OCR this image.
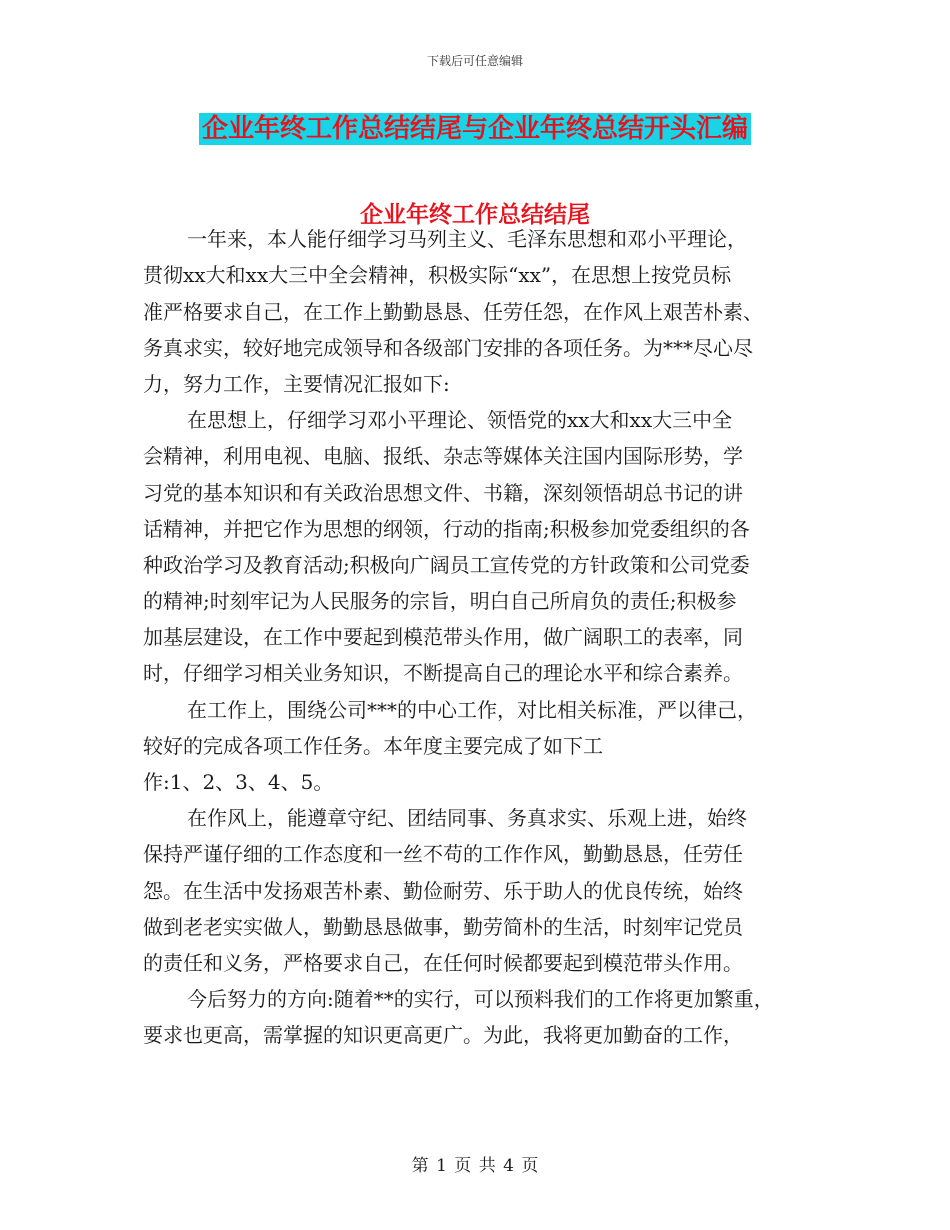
下载后可任意编辑
企业年终工作总结结尾与企业年终总结开头汇编
企业年终工作总结结尾
一年来，本人能仔细学习马列主义、毛泽东思想和邓小平理论，
贯彻xx大和xx大三中全会精神，积极实际“xx”，在思想上按党员标
准严格要求自己，在工作上勤勤恳恳、任劳任怨，在作风上艰苦朴素、
务真求实，较好地完成领导和各级部门安排的各项任务。为***尽心尽
力，努力工作，主要情况汇报如下:
在思想上，仔细学习邓小平理论、领悟党的xx大和xx大三中全
会精神，利用电视、电脑、报纸、杂志等媒体关注国内国际形势，学
习党的基本知识和有关政治思想文件、书籍，深刻领悟胡总书记的讲
话精神，并把它作为思想的纲领，行动的指南;积极参加党委组织的各
种政治学习及教育活动;积极向广阔员工宣传党的方针政策和公司党委
的精神;时刻牢记为人民服务的宗旨，明白自己所肩负的责任;积极参
加基层建设，在工作中要起到模范带头作用，做广阔职工的表率，同
时，仔细学习相关业务知识，不断提高自己的理论水平和综合素养。
在工作上，围绕公司***的中心工作，对比相关标准，严以律己，
较好的完成各项工作任务。本年度主要完成了如下工
作:1、2、3、4、5。
在作风上，能遵章守纪、团结同事、务真求实、乐观上进，始终
保持严谨仔细的工作态度和一丝不苟的工作作风，勤勤恳恳，任劳任
怨。在生活中发扬艰苦朴素、勤俭耐劳、乐于助人的优良传统，始终
做到老老实实做人，勤勤恳恳做事，勤劳简朴的生活，时刻牢记党员
的责任和义务，严格要求自己，在任何时候都要起到模范带头作用。
今后努力的方向:随着**的实行，可以预料我们的工作将更加繁重，
要求也更高，需掌握的知识更高更广。为此，我将更加勤奋的工作，
第 1 页 共 4 页
